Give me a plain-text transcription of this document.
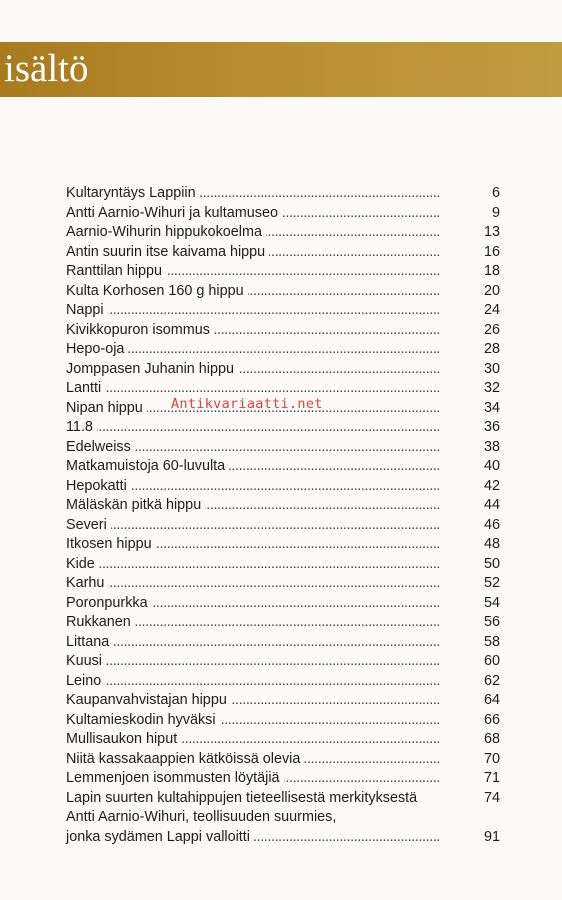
isältö
. . .
Kultaryntäys Lappiin	6
. . .
Antti Aarnio-Wihuri ja kultamuseo	9
. . .
Aarnio-Wihurin hippukokoelma	13
. . .
Antin suurin itse kaivama hippu	16
. . .
Ranttilan hippu	18
. . .
Kulta Korhosen 160 g hippu	20
. . .
Nappi	24
. . .
Kivikkopuron isommus	26
. . .
Hepo-oja	28
. . .
Jomppasen Juhanin hippu	30
. . .
Lantti	32
. . .
Nipan hippu	34
. . .
11.8	36
. . .
Edelweiss	38
. . .
Matkamuistoja 60-luvulta	40
. . .
Hepokatti	42
. . .
Mäläskän pitkä hippu	44
. . .
Severi	46
. . .
Itkosen hippu	48
. . .
Kide	50
. . .
Karhu	52
. . .
Poronpurkka	54
. . .
Rukkanen	56
. . .
Littana	58
. . .
Kuusi	60
. . .
Leino	62
. . .
Kaupanvahvistajan hippu	64
. . .
Kultamieskodin hyväksi	66
. . .
Mullisaukon hiput	68
. . .
Niitä kassakaappien kätköissä olevia	70
. . .
Lemmenjoen isommusten löytäjiä	71
Lapin suurten kultahippujen tieteellisestä merkityksestä	74
Antti Aarnio-Wihuri, teollisuuden suurmies,
. . .
jonka sydämen Lappi valloitti	91
Antikvariaatti.net
